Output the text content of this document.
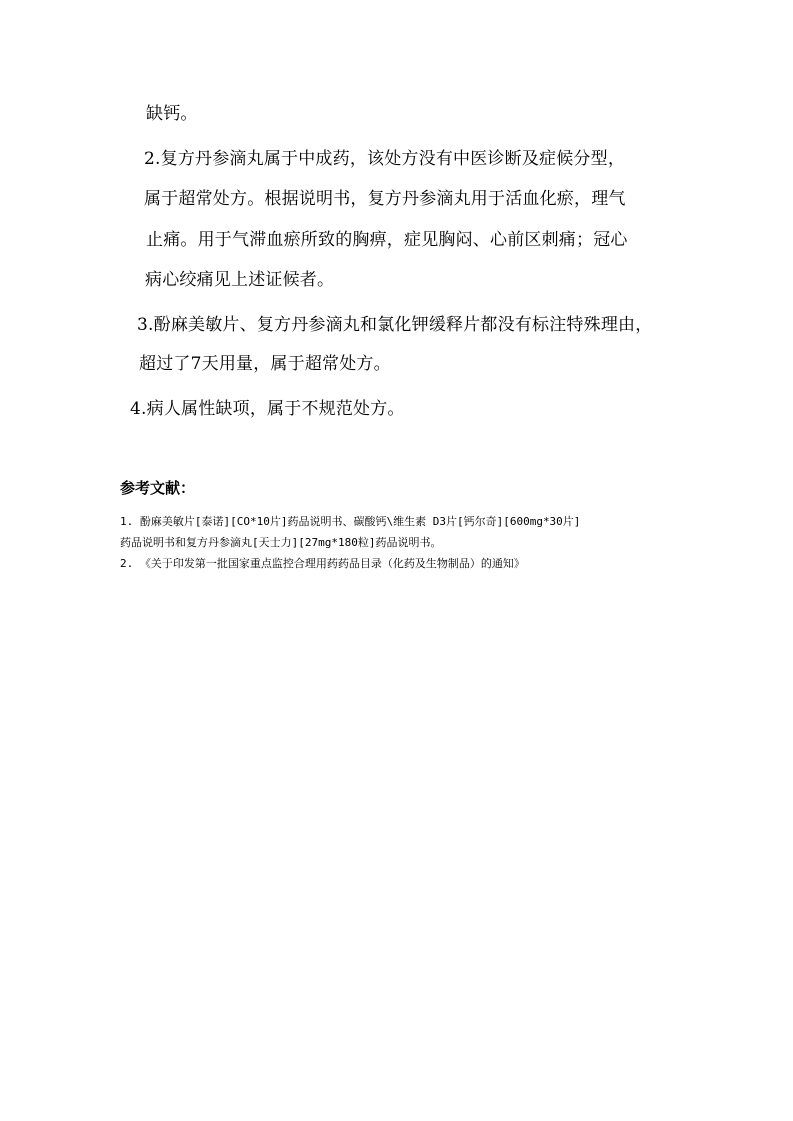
缺钙。
2.复方丹参滴丸属于中成药，该处方没有中医诊断及症候分型，
属于超常处方。根据说明书，复方丹参滴丸用于活血化瘀，理气
止痛。用于气滞血瘀所致的胸痹，症见胸闷、心前区刺痛；冠心
病心绞痛见上述证候者。
3.酚麻美敏片、复方丹参滴丸和氯化钾缓释片都没有标注特殊理由，
超过了7天用量，属于超常处方。
4.病人属性缺项，属于不规范处方。
参考文献：
1. 酚麻美敏片[泰诺][CO*10片]药品说明书、碳酸钙\维生素 D3片[钙尔奇][600mg*30片]
药品说明书和复方丹参滴丸[天士力][27mg*180粒]药品说明书。
2. 《关于印发第一批国家重点监控合理用药药品目录（化药及生物制品）的通知》
